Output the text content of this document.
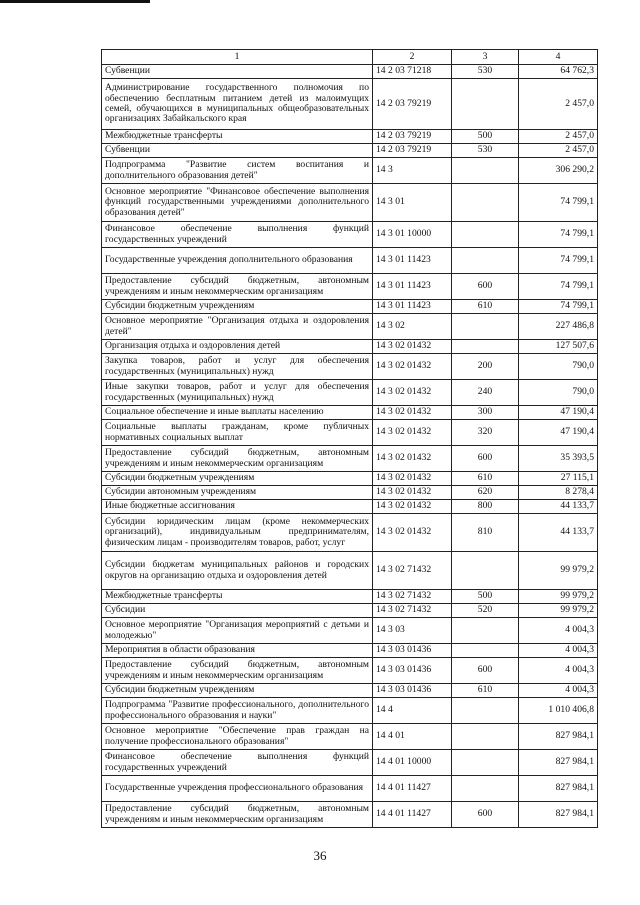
1	2	3	4
Субвенции	14 2 03 71218	530	64 762,3
Администрирование государственного полномочия по обеспечению бесплатным питанием детей из малоимущих семей, обучающихся в муниципальных общеобразовательных организациях Забайкальского края	14 2 03 79219		2 457,0
Межбюджетные трансферты	14 2 03 79219	500	2 457,0
Субвенции	14 2 03 79219	530	2 457,0
Подпрограмма "Развитие систем воспитания и дополнительного образования детей"	14 3		306 290,2
Основное мероприятие "Финансовое обеспечение выполнения функций государственными учреждениями дополнительного образования детей"	14 3 01		74 799,1
Финансовое обеспечение выполнения функций государственных учреждений	14 3 01 10000		74 799,1
Государственные учреждения дополнительного образования	14 3 01 11423		74 799,1
Предоставление субсидий бюджетным, автономным учреждениям и иным некоммерческим организациям	14 3 01 11423	600	74 799,1
Субсидии бюджетным учреждениям	14 3 01 11423	610	74 799,1
Основное мероприятие "Организация отдыха и оздоровления детей"	14 3 02		227 486,8
Организация отдыха и оздоровления детей	14 3 02 01432		127 507,6
Закупка товаров, работ и услуг для обеспечения государственных (муниципальных) нужд	14 3 02 01432	200	790,0
Иные закупки товаров, работ и услуг для обеспечения государственных (муниципальных) нужд	14 3 02 01432	240	790,0
Социальное обеспечение и иные выплаты населению	14 3 02 01432	300	47 190,4
Социальные выплаты гражданам, кроме публичных нормативных социальных выплат	14 3 02 01432	320	47 190,4
Предоставление субсидий бюджетным, автономным учреждениям и иным некоммерческим организациям	14 3 02 01432	600	35 393,5
Субсидии бюджетным учреждениям	14 3 02 01432	610	27 115,1
Субсидии автономным учреждениям	14 3 02 01432	620	8 278,4
Иные бюджетные ассигнования	14 3 02 01432	800	44 133,7
Субсидии юридическим лицам (кроме некоммерческих организаций), индивидуальным предпринимателям, физическим лицам - производителям товаров, работ, услуг	14 3 02 01432	810	44 133,7
Субсидии бюджетам муниципальных районов и городских округов на организацию отдыха и оздоровления детей	14 3 02 71432		99 979,2
Межбюджетные трансферты	14 3 02 71432	500	99 979,2
Субсидии	14 3 02 71432	520	99 979,2
Основное мероприятие "Организация мероприятий с детьми и молодежью"	14 3 03		4 004,3
Мероприятия в области образования	14 3 03 01436		4 004,3
Предоставление субсидий бюджетным, автономным учреждениям и иным некоммерческим организациям	14 3 03 01436	600	4 004,3
Субсидии бюджетным учреждениям	14 3 03 01436	610	4 004,3
Подпрограмма "Развитие профессионального, дополнительного профессионального образования и науки"	14 4		1 010 406,8
Основное мероприятие "Обеспечение прав граждан на получение профессионального образования"	14 4 01		827 984,1
Финансовое обеспечение выполнения функций государственных учреждений	14 4 01 10000		827 984,1
Государственные учреждения профессионального образования	14 4 01 11427		827 984,1
Предоставление субсидий бюджетным, автономным учреждениям и иным некоммерческим организациям	14 4 01 11427	600	827 984,1
36
